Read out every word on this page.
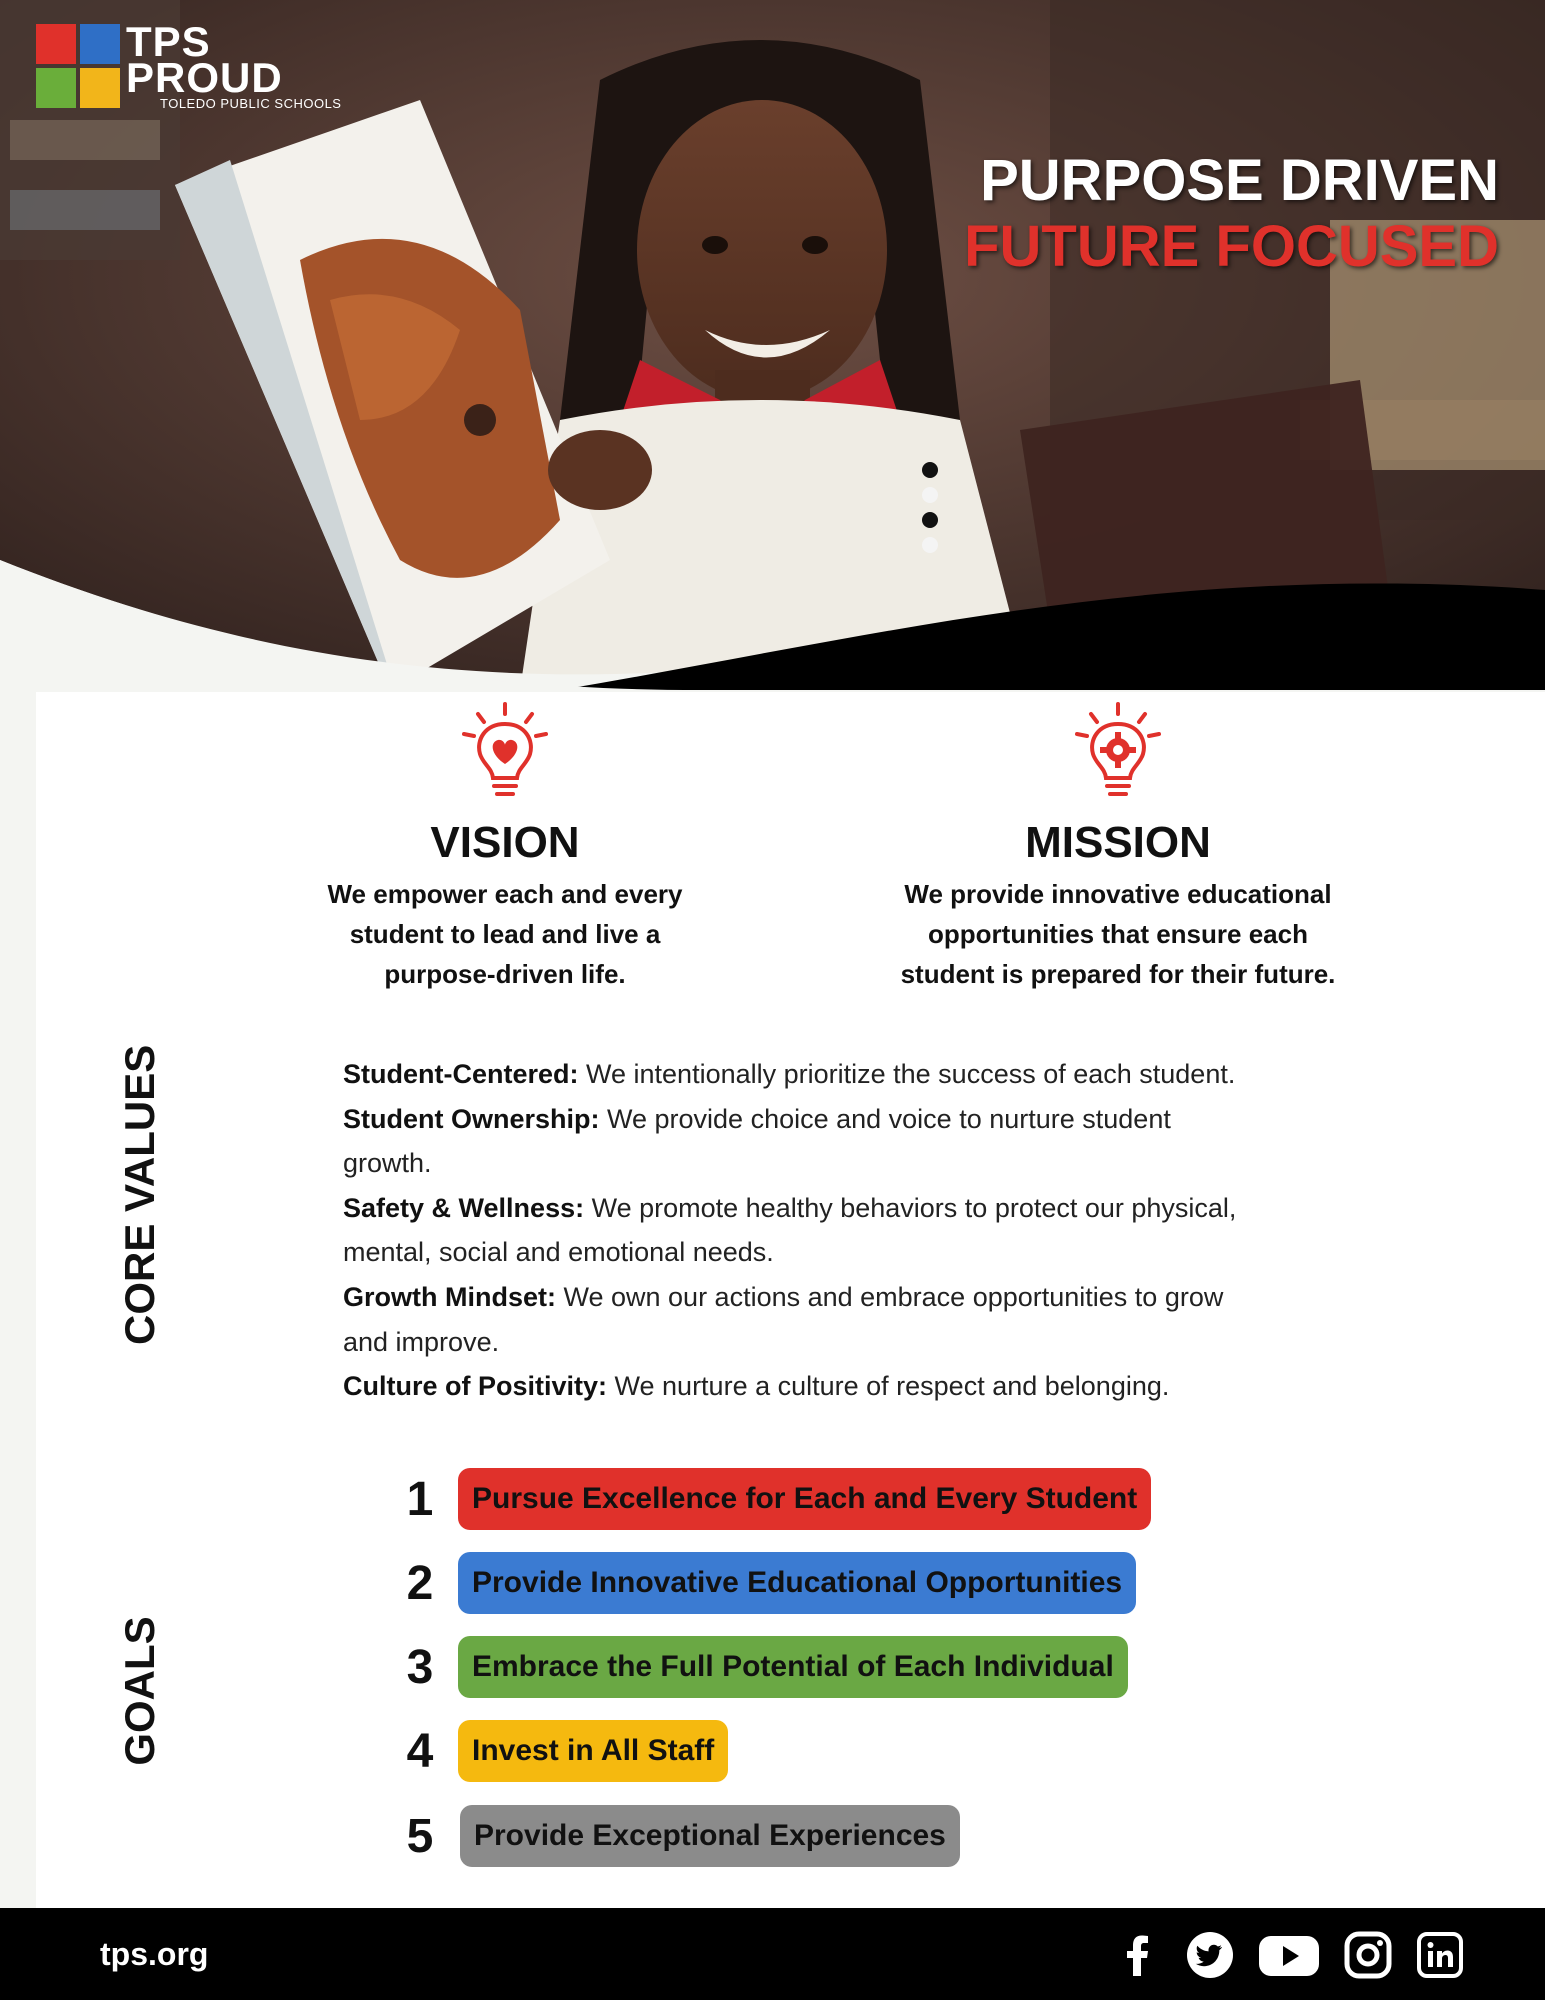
TPS
PROUD
TOLEDO PUBLIC SCHOOLS
PURPOSE DRIVEN
FUTURE FOCUSED
VISION
We empower each and every
student to lead and live a
purpose-driven life.
MISSION
We provide innovative educational
opportunities that ensure each
student is prepared for their future.
CORE VALUES	Student-Centered: We intentionally prioritize the success of each student.
Student Ownership: We provide choice and voice to nurture student
growth.
Safety & Wellness: We promote healthy behaviors to protect our physical,
mental, social and emotional needs.
Growth Mindset: We own our actions and embrace opportunities to grow
and improve.
Culture of Positivity: We nurture a culture of respect and belonging.
GOALS
1	Pursue Excellence for Each and Every Student
2	Provide Innovative Educational Opportunities
3	Embrace the Full Potential of Each Individual
4	Invest in All Staff
5	Provide Exceptional Experiences
tps.org
